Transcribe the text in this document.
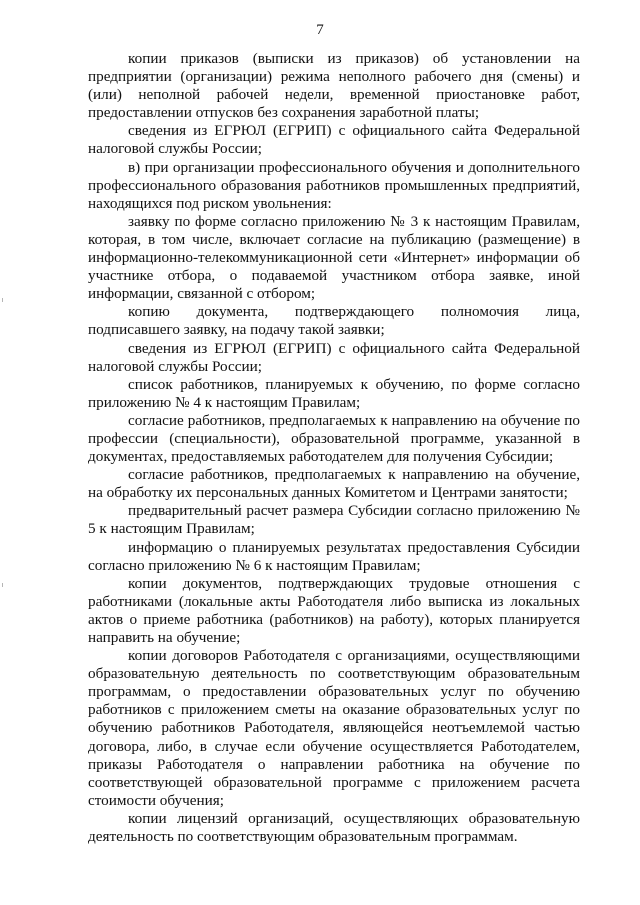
7

копии приказов (выписки из приказов) об установлении на предприятии (организации) режима неполного рабочего дня (смены) и (или) неполной рабочей недели, временной приостановке работ, предоставлении отпусков без сохранения заработной платы;

сведения из ЕГРЮЛ (ЕГРИП) с официального сайта Федеральной налоговой службы России;

в) при организации профессионального обучения и дополнительного профессионального образования работников промышленных предприятий, находящихся под риском увольнения:

заявку по форме согласно приложению № 3 к настоящим Правилам, которая, в том числе, включает согласие на публикацию (размещение) в информационно-телекоммуникационной сети «Интернет» информации об участнике отбора, о подаваемой участником отбора заявке, иной информации, связанной с отбором;

копию документа, подтверждающего полномочия лица, подписавшего заявку, на подачу такой заявки;

сведения из ЕГРЮЛ (ЕГРИП) с официального сайта Федеральной налоговой службы России;

список работников, планируемых к обучению, по форме согласно приложению № 4 к настоящим Правилам;

согласие работников, предполагаемых к направлению на обучение по профессии (специальности), образовательной программе, указанной в документах, предоставляемых работодателем для получения Субсидии;

согласие работников, предполагаемых к направлению на обучение, на обработку их персональных данных Комитетом и Центрами занятости;

предварительный расчет размера Субсидии согласно приложению № 5 к настоящим Правилам;

информацию о планируемых результатах предоставления Субсидии согласно приложению № 6 к настоящим Правилам;

копии документов, подтверждающих трудовые отношения с работниками (локальные акты Работодателя либо выписка из локальных актов о приеме работника (работников) на работу), которых планируется направить на обучение;

копии договоров Работодателя с организациями, осуществляющими образовательную деятельность по соответствующим образовательным программам, о предоставлении образовательных услуг по обучению работников с приложением сметы на оказание образовательных услуг по обучению работников Работодателя, являющейся неотъемлемой частью договора, либо, в случае если обучение осуществляется Работодателем, приказы Работодателя о направлении работника на обучение по соответствующей образовательной программе с приложением расчета стоимости обучения;

копии лицензий организаций, осуществляющих образовательную деятельность по соответствующим образовательным программам.
